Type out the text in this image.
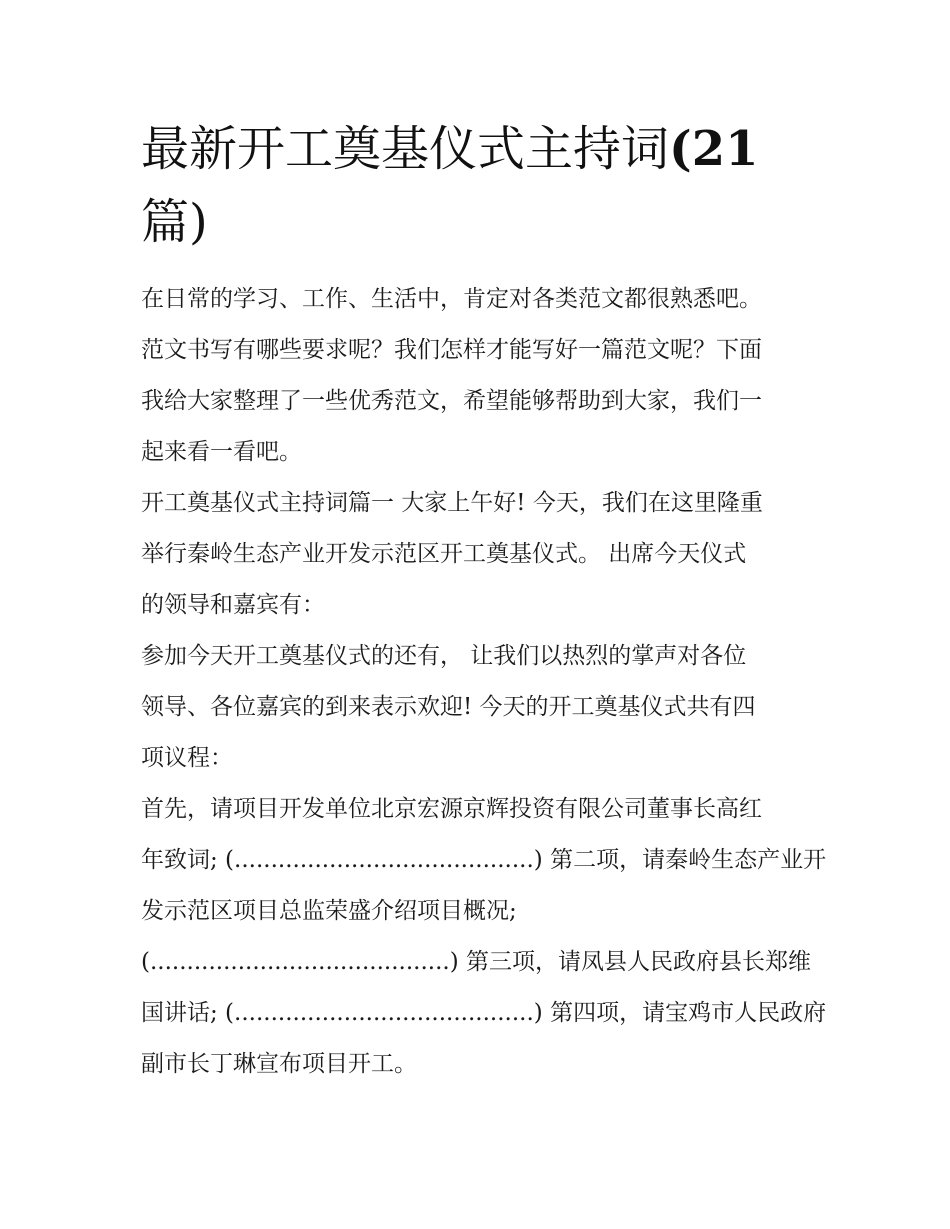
最新开工奠基仪式主持词(21
篇)
在日常的学习、工作、生活中，肯定对各类范文都很熟悉吧。
范文书写有哪些要求呢？我们怎样才能写好一篇范文呢？下面
我给大家整理了一些优秀范文，希望能够帮助到大家，我们一
起来看一看吧。
开工奠基仪式主持词篇一 大家上午好! 今天，我们在这里隆重
举行秦岭生态产业开发示范区开工奠基仪式。 出席今天仪式
的领导和嘉宾有：
参加今天开工奠基仪式的还有， 让我们以热烈的掌声对各位
领导、各位嘉宾的到来表示欢迎! 今天的开工奠基仪式共有四
项议程：
首先，请项目开发单位北京宏源京辉投资有限公司董事长高红
年致词; (.........................................) 第二项，请秦岭生态产业开
发示范区项目总监荣盛介绍项目概况;
(.........................................) 第三项，请凤县人民政府县长郑维
国讲话; (.........................................) 第四项，请宝鸡市人民政府
副市长丁琳宣布项目开工。
